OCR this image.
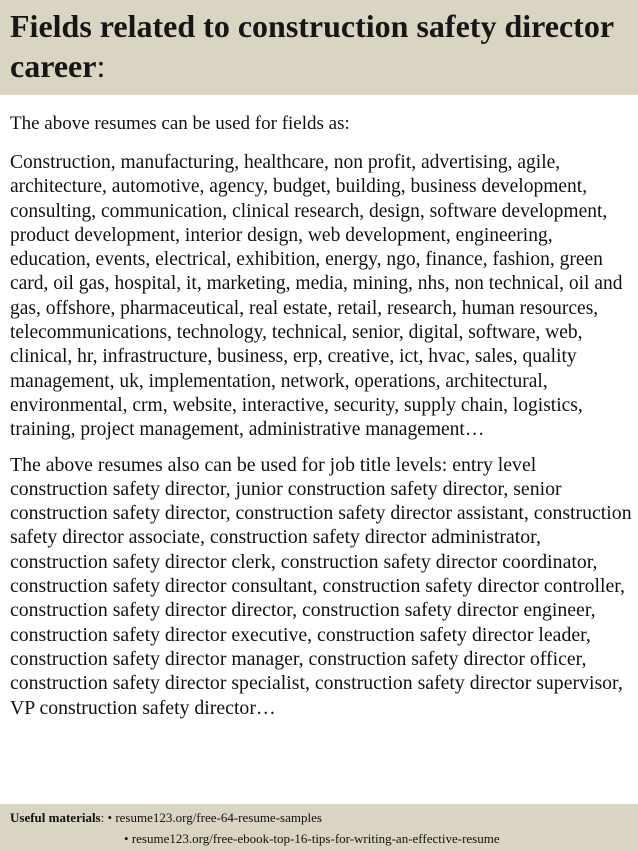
Fields related to construction safety director career:

The above resumes can be used for fields as:

Construction, manufacturing, healthcare, non profit, advertising, agile, architecture, automotive, agency, budget, building, business development, consulting, communication, clinical research, design, software development, product development, interior design, web development, engineering, education, events, electrical, exhibition, energy, ngo, finance, fashion, green card, oil gas, hospital, it, marketing, media, mining, nhs, non technical, oil and gas, offshore, pharmaceutical, real estate, retail, research, human resources, telecommunications, technology, technical, senior, digital, software, web, clinical, hr, infrastructure, business, erp, creative, ict, hvac, sales, quality management, uk, implementation, network, operations, architectural, environmental, crm, website, interactive, security, supply chain, logistics, training, project management, administrative management…

The above resumes also can be used for job title levels: entry level construction safety director, junior construction safety director, senior construction safety director, construction safety director assistant, construction safety director associate, construction safety director administrator, construction safety director clerk, construction safety director coordinator, construction safety director consultant, construction safety director controller, construction safety director director, construction safety director engineer, construction safety director executive, construction safety director leader, construction safety director manager, construction safety director officer, construction safety director specialist, construction safety director supervisor, VP construction safety director…

Useful materials :
•
resume123.org/free-64-resume-samples
•
resume123.org/free-ebook-top-16-tips-for-writing-an-effective-resume
